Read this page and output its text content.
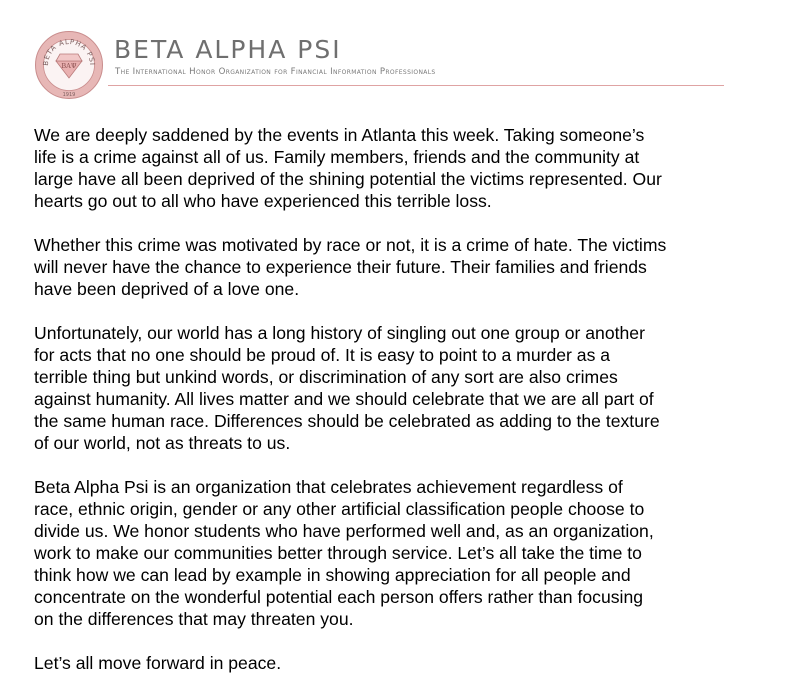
BETA ALPHA PSI
ΒΑΨ
1919
BETA ALPHA PSI
The International Honor Organization for Financial Information Professionals
We are deeply saddened by the events in Atlanta this week. Taking someone’s
life is a crime against all of us. Family members, friends and the community at
large have all been deprived of the shining potential the victims represented. Our
hearts go out to all who have experienced this terrible loss.
Whether this crime was motivated by race or not, it is a crime of hate. The victims
will never have the chance to experience their future. Their families and friends
have been deprived of a love one.
Unfortunately, our world has a long history of singling out one group or another
for acts that no one should be proud of. It is easy to point to a murder as a
terrible thing but unkind words, or discrimination of any sort are also crimes
against humanity. All lives matter and we should celebrate that we are all part of
the same human race. Differences should be celebrated as adding to the texture
of our world, not as threats to us.
Beta Alpha Psi is an organization that celebrates achievement regardless of
race, ethnic origin, gender or any other artificial classification people choose to
divide us. We honor students who have performed well and, as an organization,
work to make our communities better through service. Let’s all take the time to
think how we can lead by example in showing appreciation for all people and
concentrate on the wonderful potential each person offers rather than focusing
on the differences that may threaten you.
Let’s all move forward in peace.
